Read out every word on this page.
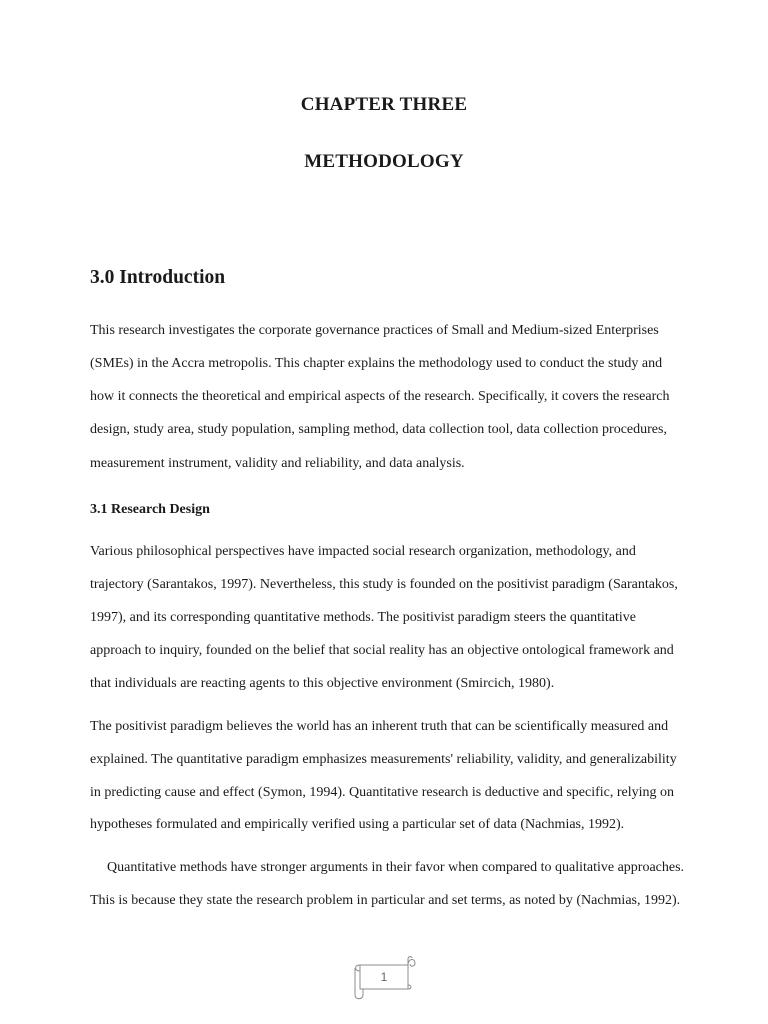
CHAPTER THREE
METHODOLOGY
3.0 Introduction
This research investigates the corporate governance practices of Small and Medium-sized Enterprises
(SMEs) in the Accra metropolis. This chapter explains the methodology used to conduct the study and
how it connects the theoretical and empirical aspects of the research. Specifically, it covers the research
design, study area, study population, sampling method, data collection tool, data collection procedures,
measurement instrument, validity and reliability, and data analysis.
3.1 Research Design
Various philosophical perspectives have impacted social research organization, methodology, and
trajectory (Sarantakos, 1997). Nevertheless, this study is founded on the positivist paradigm (Sarantakos,
1997), and its corresponding quantitative methods. The positivist paradigm steers the quantitative
approach to inquiry, founded on the belief that social reality has an objective ontological framework and
that individuals are reacting agents to this objective environment (Smircich, 1980).
The positivist paradigm believes the world has an inherent truth that can be scientifically measured and
explained. The quantitative paradigm emphasizes measurements' reliability, validity, and generalizability
in predicting cause and effect (Symon, 1994). Quantitative research is deductive and specific, relying on
hypotheses formulated and empirically verified using a particular set of data (Nachmias, 1992).
Quantitative methods have stronger arguments in their favor when compared to qualitative approaches.
This is because they state the research problem in particular and set terms, as noted by (Nachmias, 1992).
1
